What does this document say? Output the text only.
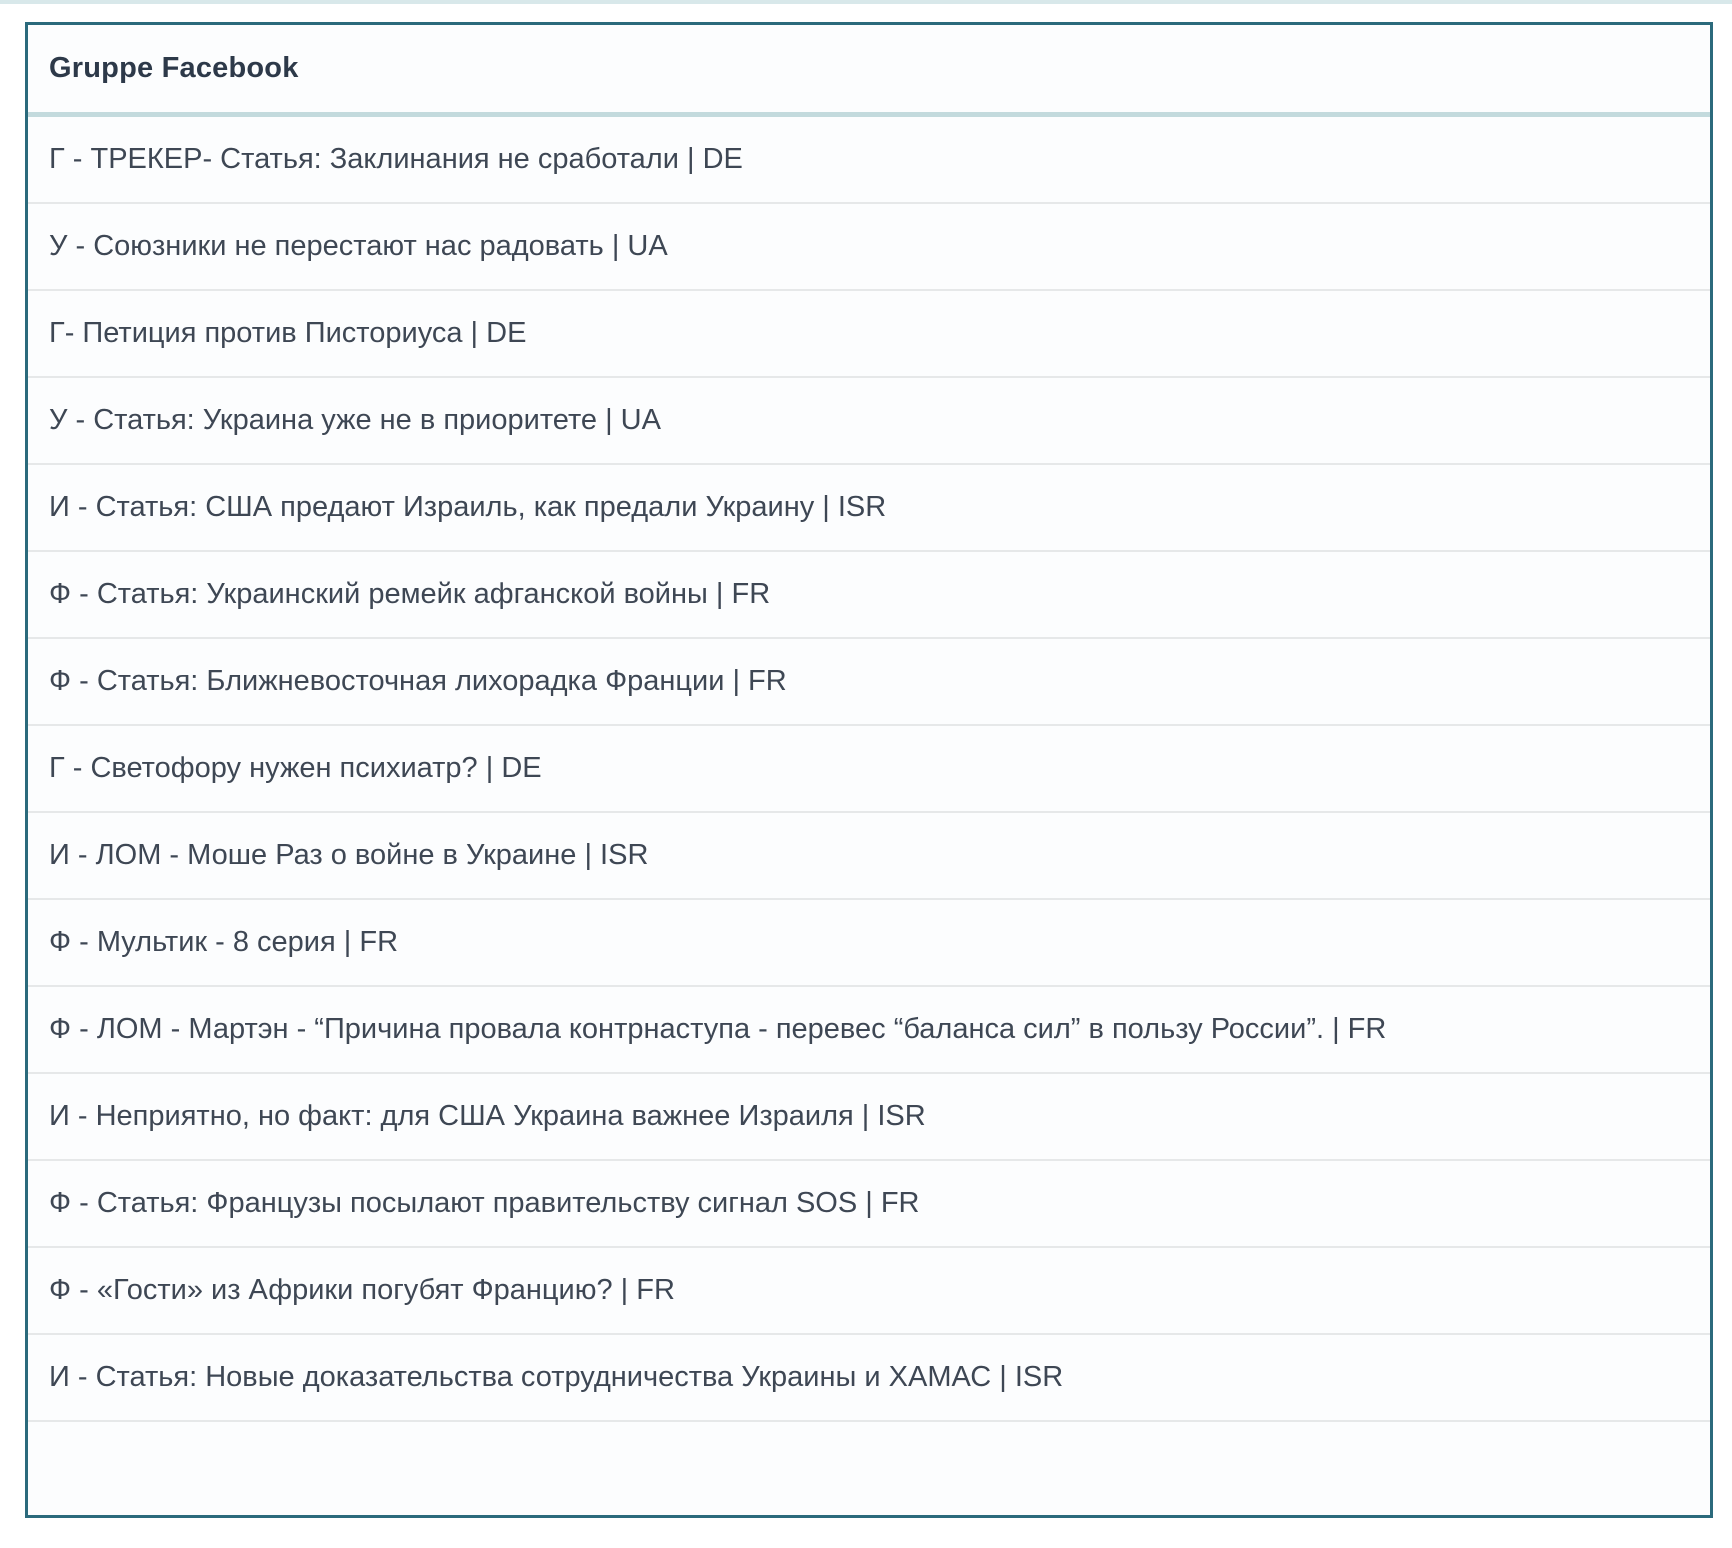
Gruppe Facebook
Г - ТРЕКЕР- Статья: Заклинания не сработали | DE
У - Союзники не перестают нас радовать | UA
Г- Петиция против Писториуса | DE
У - Статья: Украина уже не в приоритете | UA
И - Статья: США предают Израиль, как предали Украину | ISR
Ф - Статья: Украинский ремейк афганской войны | FR
Ф - Статья: Ближневосточная лихорадка Франции | FR
Г - Светофору нужен психиатр? | DE
И - ЛОМ - Моше Раз о войне в Украине | ISR
Ф - Мультик - 8 серия | FR
Ф - ЛОМ - Мартэн - “Причина провала контрнаступа - перевес “баланса сил” в пользу России”. | FR
И - Неприятно, но факт: для США Украина важнее Израиля | ISR
Ф - Статья: Французы посылают правительству сигнал SOS | FR
Ф - «Гости» из Африки погубят Францию? | FR
И - Статья: Новые доказательства сотрудничества Украины и ХАМАС | ISR
